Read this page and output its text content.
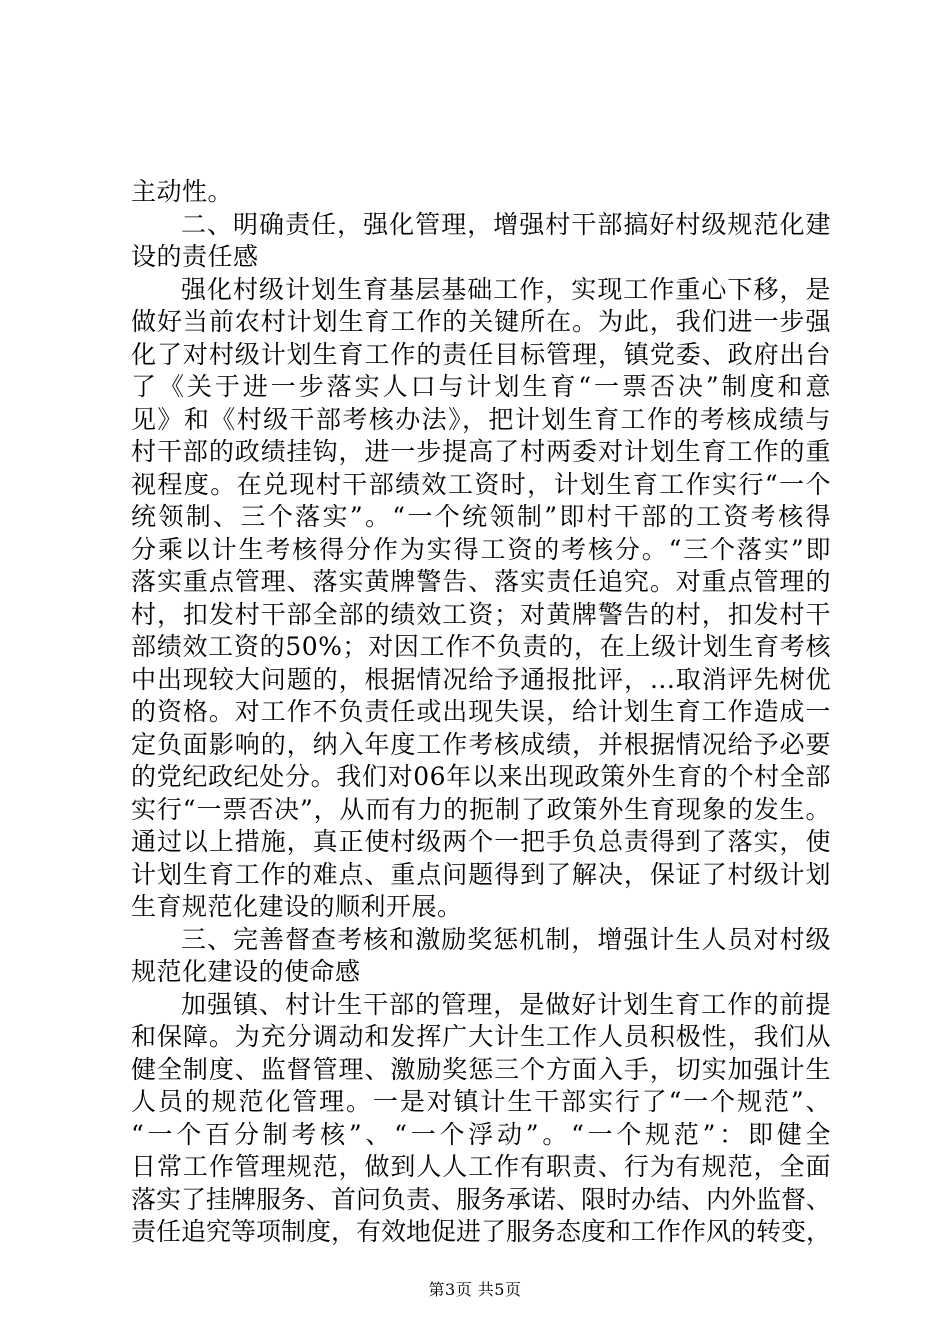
主动性。
二、明确责任，强化管理，增强村干部搞好村级规范化建
设的责任感
强化村级计划生育基层基础工作，实现工作重心下移，是
做好当前农村计划生育工作的关键所在。为此，我们进一步强
化了对村级计划生育工作的责任目标管理，镇党委、政府出台
了《关于进一步落实人口与计划生育“一票否决”制度和意
见》和《村级干部考核办法》，把计划生育工作的考核成绩与
村干部的政绩挂钩，进一步提高了村两委对计划生育工作的重
视程度。在兑现村干部绩效工资时，计划生育工作实行“一个
统领制、三个落实”。“一个统领制”即村干部的工资考核得
分乘以计生考核得分作为实得工资的考核分。“三个落实”即
落实重点管理、落实黄牌警告、落实责任追究。对重点管理的
村，扣发村干部全部的绩效工资；对黄牌警告的村，扣发村干
部绩效工资的50%；对因工作不负责的，在上级计划生育考核
中出现较大问题的，根据情况给予通报批评，...取消评先树优
的资格。对工作不负责任或出现失误，给计划生育工作造成一
定负面影响的，纳入年度工作考核成绩，并根据情况给予必要
的党纪政纪处分。我们对06年以来出现政策外生育的个村全部
实行“一票否决”，从而有力的扼制了政策外生育现象的发生。
通过以上措施，真正使村级两个一把手负总责得到了落实，使
计划生育工作的难点、重点问题得到了解决，保证了村级计划
生育规范化建设的顺利开展。
三、完善督查考核和激励奖惩机制，增强计生人员对村级
规范化建设的使命感
加强镇、村计生干部的管理，是做好计划生育工作的前提
和保障。为充分调动和发挥广大计生工作人员积极性，我们从
健全制度、监督管理、激励奖惩三个方面入手，切实加强计生
人员的规范化管理。一是对镇计生干部实行了“一个规范”、
“一个百分制考核”、“一个浮动”。“一个规范”：即健全
日常工作管理规范，做到人人工作有职责、行为有规范，全面
落实了挂牌服务、首问负责、服务承诺、限时办结、内外监督、
责任追究等项制度，有效地促进了服务态度和工作作风的转变，
第3页 共5页
